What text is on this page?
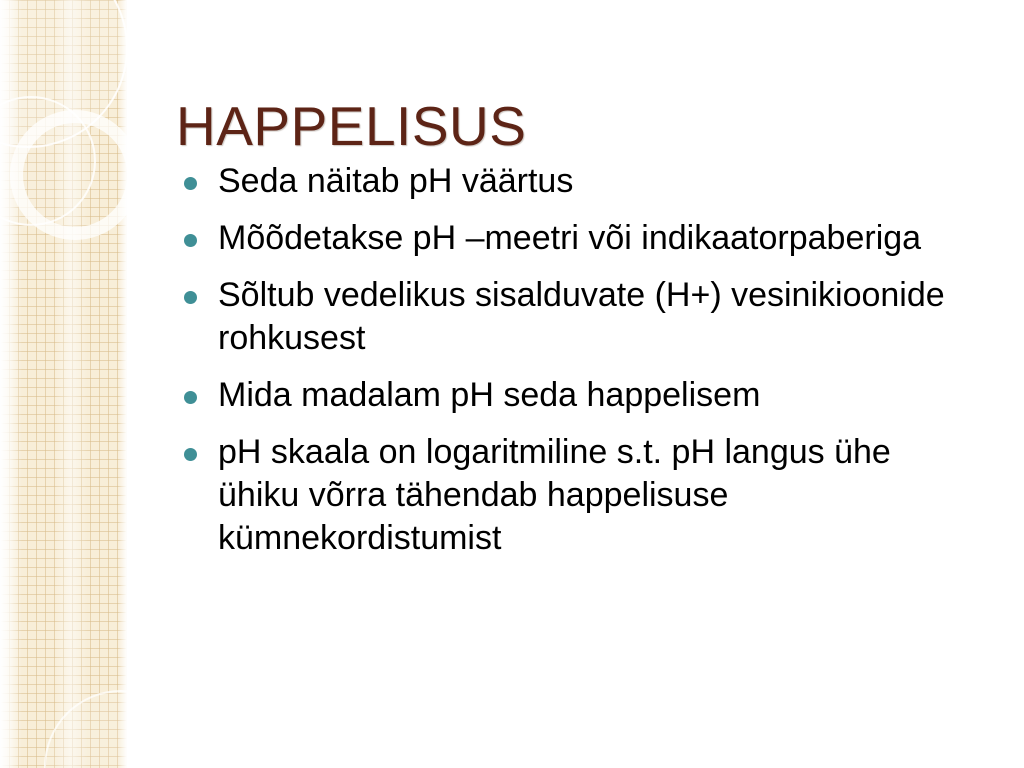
HAPPELISUS
Seda näitab pH väärtus
Mõõdetakse pH –meetri või indikaatorpaberiga
Sõltub vedelikus sisalduvate (H+) vesinikioonide rohkusest
Mida madalam pH seda happelisem
pH skaala on logaritmiline s.t. pH langus ühe ühiku võrra tähendab happelisuse kümnekordistumist
